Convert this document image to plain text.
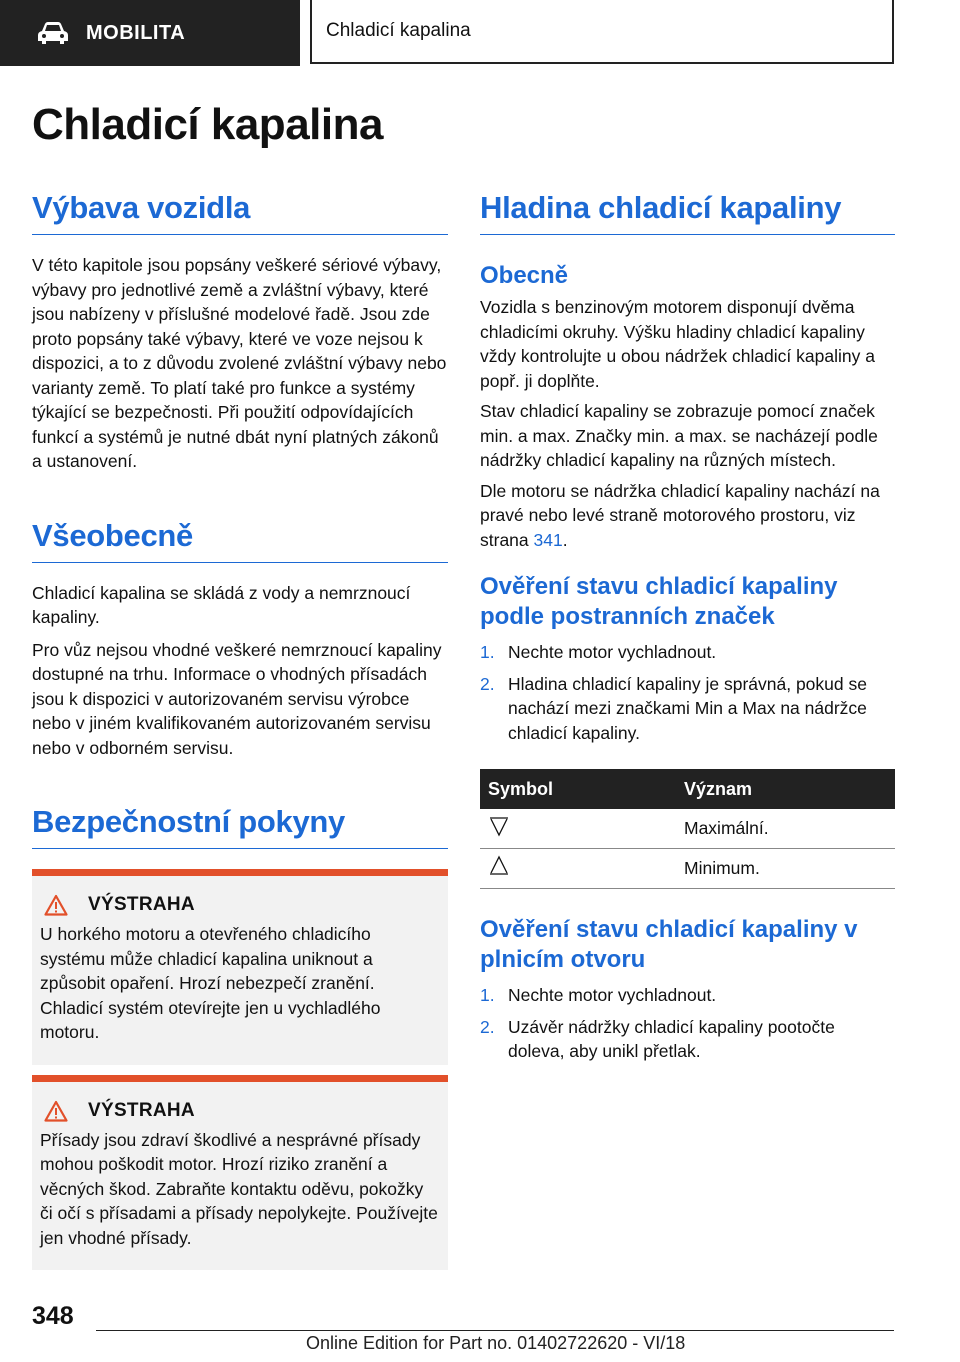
MOBILITA	Chladicí kapalina
Chladicí kapalina
Výbava vozidla

V této kapitole jsou popsány veškeré sériové výbavy, výbavy pro jednotlivé země a zvláštní výbavy, které jsou nabízeny v příslušné modelové řadě. Jsou zde proto popsány také výbavy, které ve voze nejsou k dispozici, a to z důvodu zvolené zvláštní výbavy nebo varianty země. To platí také pro funkce a systémy týkající se bezpečnosti. Při použití odpovídajících funkcí a systémů je nutné dbát nyní platných zákonů a ustanovení.

Všeobecně

Chladicí kapalina se skládá z vody a nemrznoucí kapaliny.

Pro vůz nejsou vhodné veškeré nemrznoucí kapaliny dostupné na trhu. Informace o vhodných přísadách jsou k dispozici v autorizovaném servisu výrobce nebo v jiném kvalifikovaném autorizovaném servisu nebo v odborném servisu.

Bezpečnostní pokyny
VÝSTRAHA

U horkého motoru a otevřeného chladicího systému může chladicí kapalina uniknout a způsobit opaření. Hrozí nebezpečí zranění. Chladicí systém otevírejte jen u vychladlého motoru.

VÝSTRAHA

Přísady jsou zdraví škodlivé a nesprávné přísady mohou poškodit motor. Hrozí riziko zranění a věcných škod. Zabraňte kontaktu oděvu, pokožky či očí s přísadami a přísady nepolykejte. Používejte jen vhodné přísady.

Hladina chladicí kapaliny
Obecně

Vozidla s benzinovým motorem disponují dvěma chladicími okruhy. Výšku hladiny chladicí kapaliny vždy kontrolujte u obou nádržek chladicí kapaliny a popř. ji doplňte.

Stav chladicí kapaliny se zobrazuje pomocí značek min. a max. Značky min. a max. se nacházejí podle nádržky chladicí kapaliny na různých místech.

Dle motoru se nádržka chladicí kapaliny nachází na pravé nebo levé straně motorového prostoru, viz strana 341.

Ověření stavu chladicí kapaliny podle postranních značek
1. Nechte motor vychladnout.
2. Hladina chladicí kapaliny je správná, pokud se nachází mezi značkami Min a Max na nádržce chladicí kapaliny.
Symbol	Význam
	Maximální.
	Minimum.
Ověření stavu chladicí kapaliny v plnicím otvoru
1. Nechte motor vychladnout.
2. Uzávěr nádržky chladicí kapaliny pootočte doleva, aby unikl přetlak.
348
Online Edition for Part no. 01402722620 - VI/18
